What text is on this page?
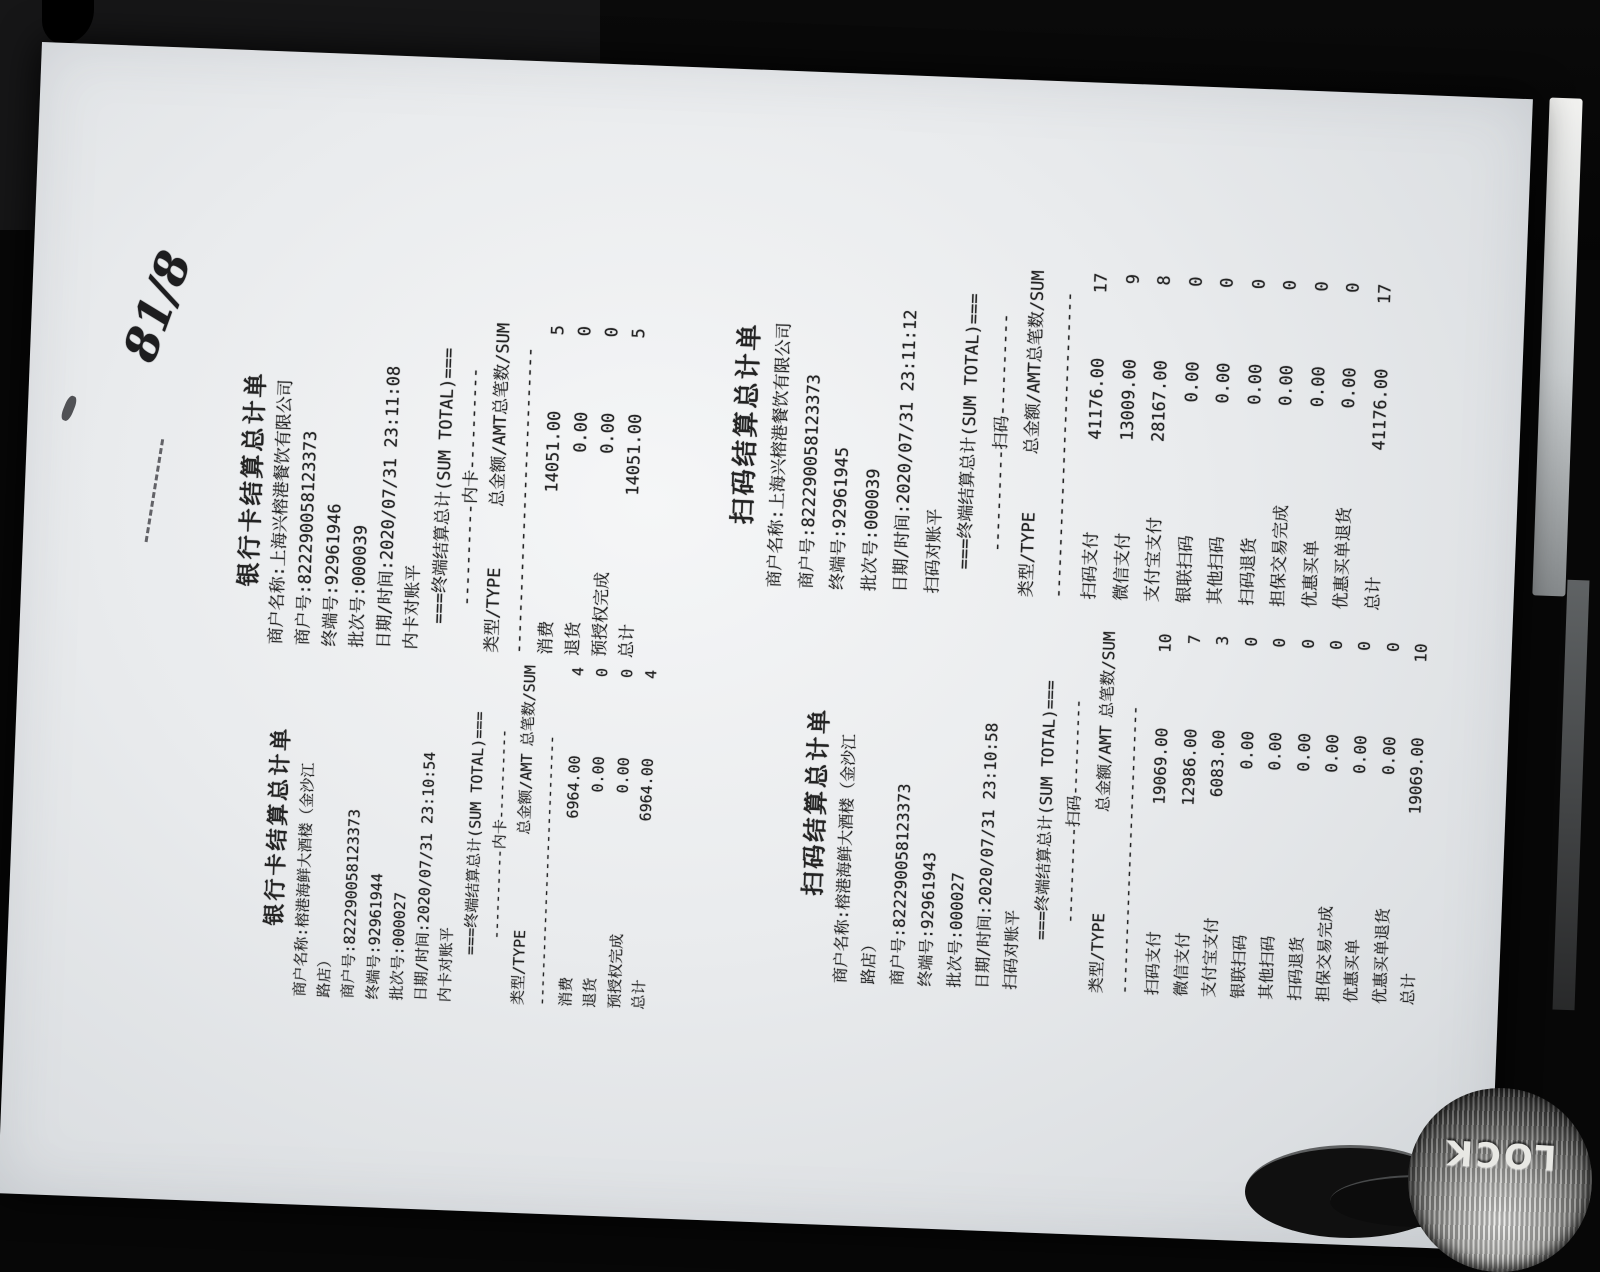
81/8
银行卡结算总计单
商户名称:上海兴榕港餐饮有限公司
商户号:822290058123373
终端号:92961946 批次号:000039 日期/时间:2020/07/31 23:11:08
内卡对账平 ===终端结算总计(SUM TOTAL)===
----------内卡----------
类型/TYPE
总金额/AMT
总笔数/SUM
------------------------------
消费
14051.00
5
退货
0.00
0
预授权完成
0.00
0
总计
14051.00
5	扫码结算总计单
商户名称:上海兴榕港餐饮有限公司 商户号:822290058123373 终端号:92961945 批次号:000039 日期/时间:2020/07/31 23:11:12 扫码对账平 ===终端结算总计(SUM TOTAL)=== ----------扫码----------
类型/TYPE
总金额/AMT
总笔数/SUM
------------------------------ 扫码支付
41176.00
17
微信支付
13009.00
9
支付宝支付
28167.00
8
银联扫码
0.00
0
其他扫码
0.00
0
扫码退货
0.00
0
担保交易完成
0.00
0
优惠买单
0.00
0
优惠买单退货
0.00
0
总计
41176.00
17
银行卡结算总计单
商户名称:榕港海鲜大酒楼（金沙江
路店） 商户号:822290058123373
终端号:92961944 批次号:000027 日期/时间:2020/07/31 23:10:54
内卡对账平
===终端结算总计(SUM TOTAL)===
----------内卡----------
类型/TYPE
总金额/AMT
总笔数/SUM
------------------------------
消费
6964.00
4
退货
0.00
0
预授权完成
0.00
0
总计
6964.00
4
扫码结算总计单
商户名称:榕港海鲜大酒楼（金沙江 路店） 商户号:822290058123373 终端号:92961943 批次号:000027 日期/时间:2020/07/31 23:10:58 扫码对账平
===终端结算总计(SUM TOTAL)=== ----------扫码----------
类型/TYPE
总金额/AMT
总笔数/SUM
------------------------------
扫码支付
19069.00
10
微信支付
12986.00
7
支付宝支付
6083.00
3
银联扫码
0.00
0
其他扫码
0.00
0
扫码退货
0.00
0
担保交易完成
0.00
0
优惠买单
0.00
0
优惠买单退货
0.00
0
总计
19069.00
10
LOCK
